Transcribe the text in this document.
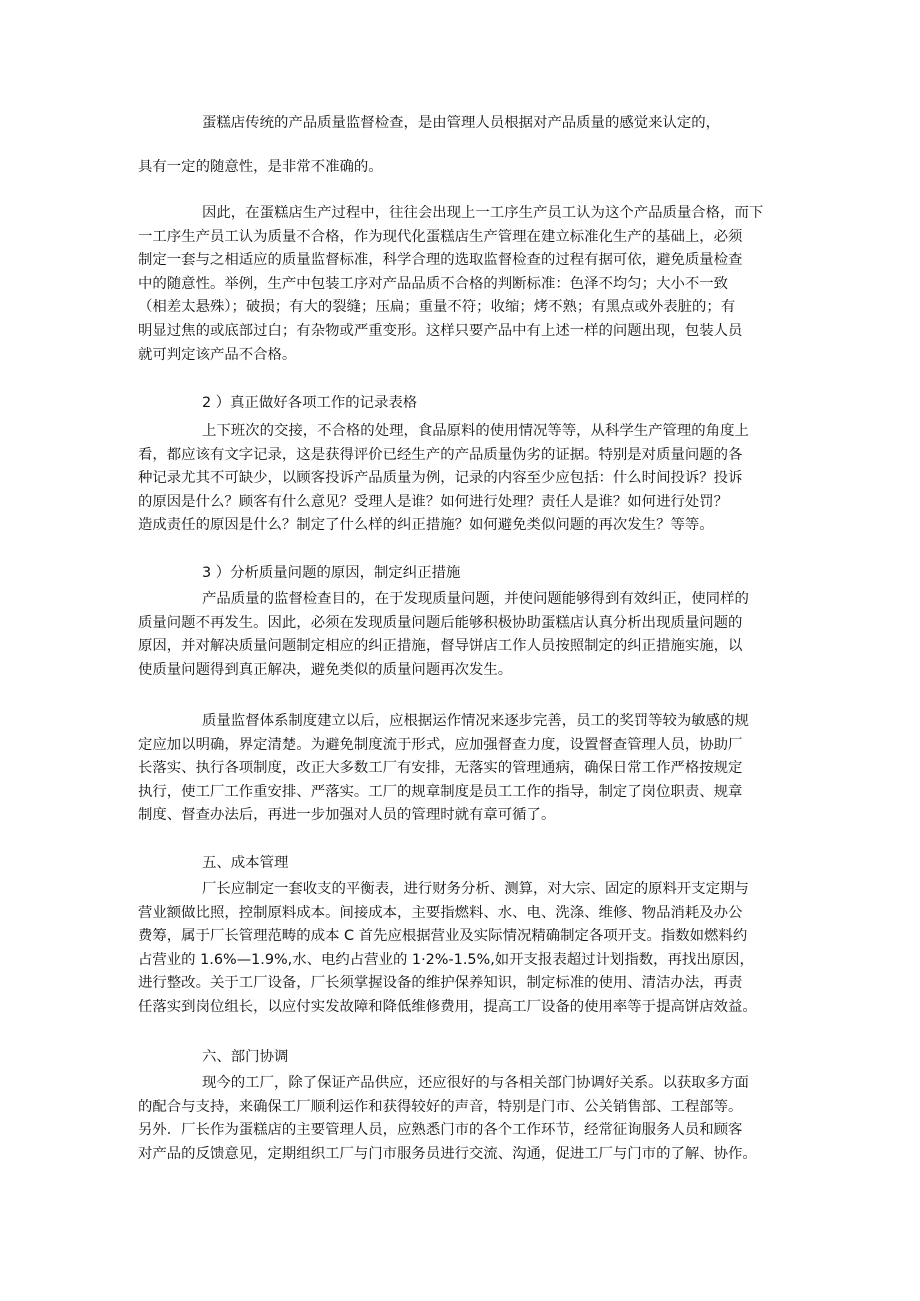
蛋糕店传统的产品质量监督检查，是由管理人员根据对产品质量的感觉来认定的，
具有一定的随意性，是非常不准确的。
因此，在蛋糕店生产过程中，往往会出现上一工序生产员工认为这个产品质量合格，而下
一工序生产员工认为质量不合格，作为现代化蛋糕店生产管理在建立标准化生产的基础上，必须
制定一套与之相适应的质量监督标准，科学合理的选取监督检查的过程有据可依，避免质量检查
中的随意性。举例，生产中包装工序对产品品质不合格的判断标准：色泽不均匀；大小不一致
（相差太悬殊）；破损；有大的裂缝；压扁；重量不符；收缩；烤不熟；有黑点或外表脏的；有
明显过焦的或底部过白；有杂物或严重变形。这样只要产品中有上述一样的问题出现，包装人员
就可判定该产品不合格。
2 ）真正做好各项工作的记录表格
上下班次的交接，不合格的处理，食品原料的使用情况等等，从科学生产管理的角度上
看，都应该有文字记录，这是获得评价已经生产的产品质量伪劣的证据。特别是对质量问题的各
种记录尤其不可缺少，以顾客投诉产品质量为例，记录的内容至少应包括：什么时间投诉？投诉
的原因是什么？顾客有什么意见？受理人是谁？如何进行处理？责任人是谁？如何进行处罚？
造成责任的原因是什么？制定了什么样的纠正措施？如何避免类似问题的再次发生？等等。
3 ）分析质量问题的原因，制定纠正措施
产品质量的监督检查目的，在于发现质量问题，并使问题能够得到有效纠正，使同样的
质量问题不再发生。因此，必须在发现质量问题后能够积极协助蛋糕店认真分析出现质量问题的
原因，并对解决质量问题制定相应的纠正措施，督导饼店工作人员按照制定的纠正措施实施，以
使质量问题得到真正解决，避免类似的质量问题再次发生。
质量监督体系制度建立以后，应根据运作情况来逐步完善，员工的奖罚等较为敏感的规
定应加以明确，界定清楚。为避免制度流于形式，应加强督查力度，设置督查管理人员，协助厂
长落实、执行各项制度，改正大多数工厂有安排，无落实的管理通病，确保日常工作严格按规定
执行，使工厂工作重安排、严落实。工厂的规章制度是员工工作的指导，制定了岗位职责、规章
制度、督查办法后，再进一步加强对人员的管理时就有章可循了。
五、成本管理
厂长应制定一套收支的平衡表，进行财务分析、测算，对大宗、固定的原料开支定期与
营业额做比照，控制原料成本。间接成本，主要指燃料、水、电、洗涤、维修、物品消耗及办公
费筹，属于厂长管理范畴的成本 C 首先应根据营业及实际情况精确制定各项开支。指数如燃料约
占营业的 1.6%—1.9%,水、电约占营业的 1·2%-1.5%,如开支报表超过计划指数，再找出原因，
进行整改。关于工厂设备，厂长须掌握设备的维护保养知识，制定标准的使用、清洁办法，再责
任落实到岗位组长，以应付实发故障和降低维修费用，提高工厂设备的使用率等于提高饼店效益。
六、部门协调
现今的工厂，除了保证产品供应，还应很好的与各相关部门协调好关系。以获取多方面
的配合与支持，来确保工厂顺利运作和获得较好的声音，特别是门市、公关销售部、工程部等。
另外．厂长作为蛋糕店的主要管理人员，应熟悉门市的各个工作环节，经常征询服务人员和顾客
对产品的反馈意见，定期组织工厂与门市服务员进行交流、沟通，促进工厂与门市的了解、协作。
